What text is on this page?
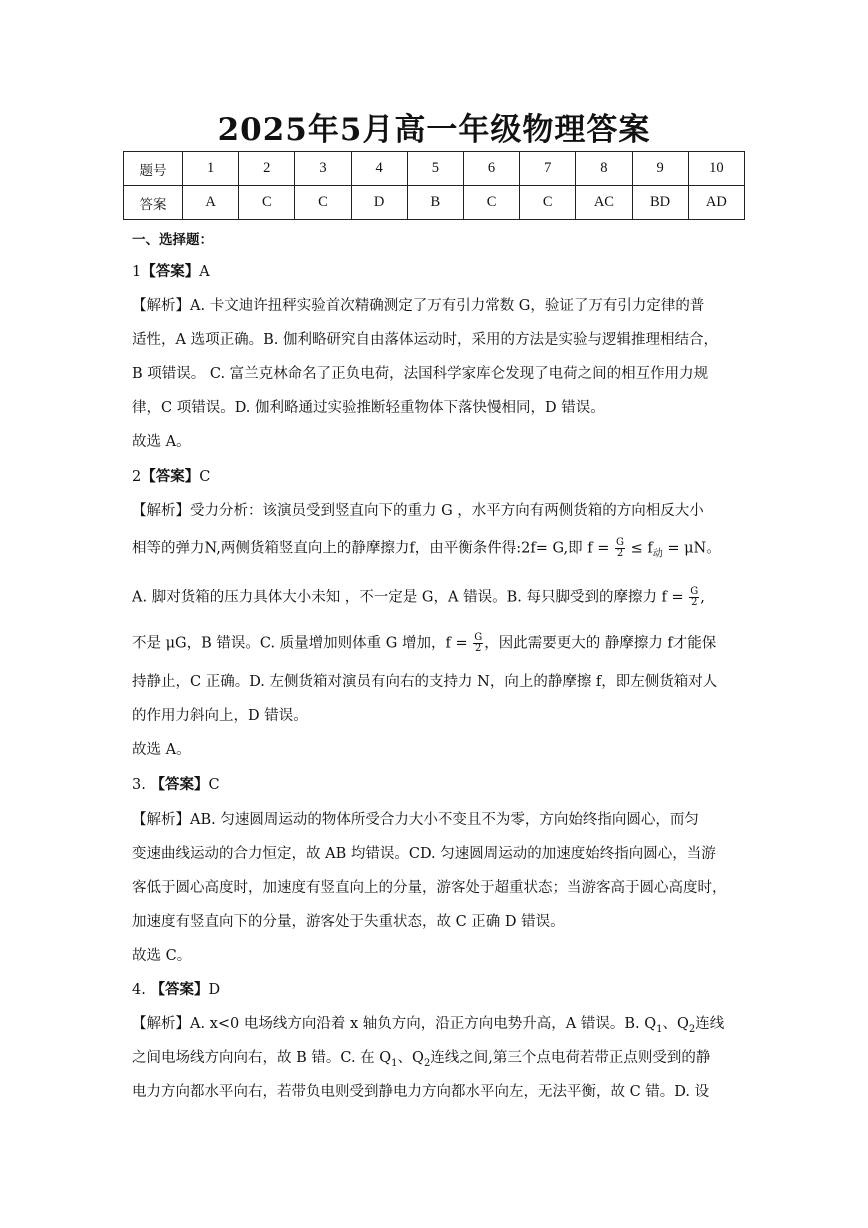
2025年5月高一年级物理答案
题号	1	2	3	4	5	6	7	8	9	10
答案	A	C	C	D	B	C	C	AC	BD	AD
一、选择题：
1【答案】A
【解析】A. 卡文迪许扭秤实验首次精确测定了万有引力常数 G，验证了万有引力定律的普
适性，A 选项正确。B. 伽利略研究自由落体运动时，采用的方法是实验与逻辑推理相结合，
B 项错误。 C. 富兰克林命名了正负电荷，法国科学家库仑发现了电荷之间的相互作用力规
律，C 项错误。D. 伽利略通过实验推断轻重物体下落快慢相同，D 错误。
故选 A。
2【答案】C
【解析】受力分析：该演员受到竖直向下的重力 G ，水平方向有两侧货箱的方向相反大小
相等的弹力N,两侧货箱竖直向上的静摩擦力f，由平衡条件得:2f= G,即 $f = \frac{G}{2} \le f_动 = \mu N$。
A. 脚对货箱的压力具体大小未知 ，不一定是 G，A 错误。B. 每只脚受到的摩擦力 $f = \frac{G}{2}$ ,
不是 μG，B 错误。C. 质量增加则体重 G 增加，$f = \frac{G}{2}$ ，因此需要更大的 静摩擦力 f才能保
持静止，C 正确。D. 左侧货箱对演员有向右的支持力 N，向上的静摩擦 f，即左侧货箱对人
的作用力斜向上，D 错误。
故选 A。
3. 【答案】C
【解析】AB. 匀速圆周运动的物体所受合力大小不变且不为零，方向始终指向圆心，而匀
变速曲线运动的合力恒定，故 AB 均错误。CD. 匀速圆周运动的加速度始终指向圆心，当游
客低于圆心高度时，加速度有竖直向上的分量，游客处于超重状态；当游客高于圆心高度时，
加速度有竖直向下的分量，游客处于失重状态，故 C 正确 D 错误。
故选 C。
4. 【答案】D
【解析】A. x<0 电场线方向沿着 x 轴负方向，沿正方向电势升高，A 错误。B. $Q_1$、$Q_2$连线
之间电场线方向向右，故 B 错。C. 在 $Q_1$、$Q_2$连线之间,第三个点电荷若带正点则受到的静
电力方向都水平向右，若带负电则受到静电力方向都水平向左，无法平衡，故 C 错。D. 设
